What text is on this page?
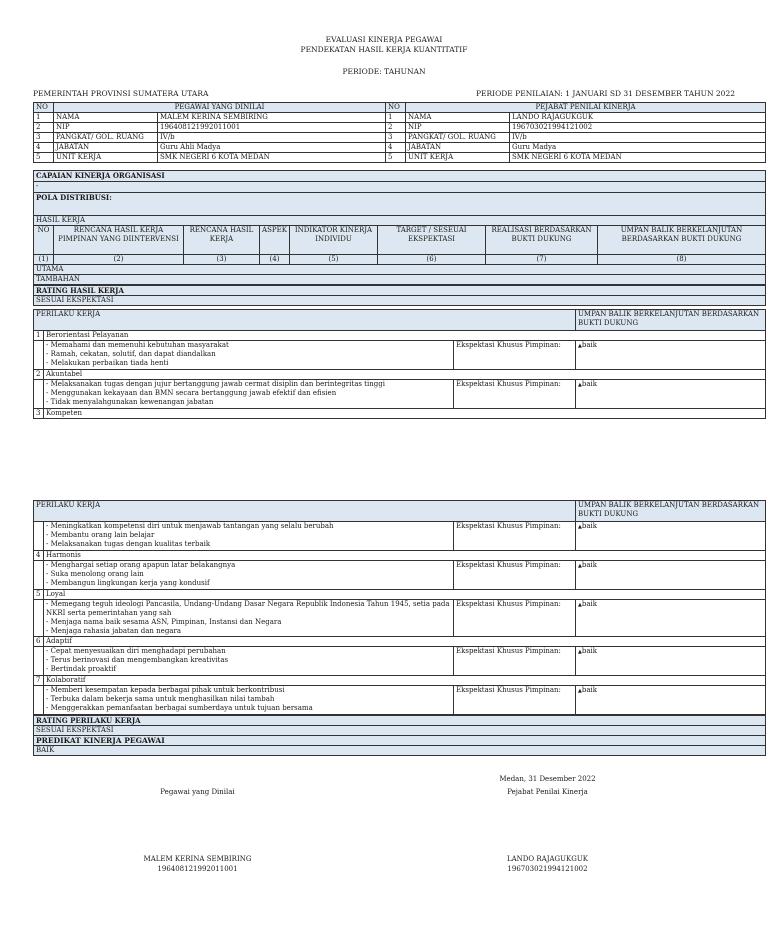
EVALUASI KINERJA PEGAWAI
PENDEKATAN HASIL KERJA KUANTITATIF
PERIODE: TAHUNAN
PEMERINTAH PROVINSI SUMATERA UTARA	PERIODE PENILAIAN: 1 JANUARI SD 31 DESEMBER TAHUN 2022
NO	PEGAWAI YANG DINILAI		NO	PEJABAT PENILAI KINERJA	
1	NAMA	MALEM KERINA SEMBIRING	1	NAMA	LANDO RAJAGUKGUK
2	NIP	196408121992011001	2	NIP	196703021994121002
3	PANGKAT/ GOL. RUANG	IV/b	3	PANGKAT/ GOL. RUANG	IV/b
4	JABATAN	Guru Ahli Madya	4	JABATAN	Guru Madya
5	UNIT KERJA	SMK NEGERI 6 KOTA MEDAN	5	UNIT KERJA	SMK NEGERI 6 KOTA MEDAN
CAPAIAN KINERJA ORGANISASI							
-							
POLA DISTRIBUSI:							
HASIL KERJA							
NO	RENCANA HASIL KERJA PIMPINAN YANG DIINTERVENSI	RENCANA HASIL KERJA	ASPEK	INDIKATOR KINERJA INDIVIDU	TARGET / SESEUAI EKSPEKTASI	REALISASI BERDASARKAN BUKTI DUKUNG	UMPAN BALIK BERKELANJUTAN BERDASARKAN BUKTI DUKUNG
(1)	(2)	(3)	(4)	(5)	(6)	(7)	(8)
UTAMA							
TAMBAHAN							
RATING HASIL KERJA							
SESUAI EKSPEKTASI							
PERILAKU KERJA			UMPAN BALIK BERKELANJUTAN BERDASARKAN BUKTI DUKUNG
1	Berorientasi Pelayanan		

	- Memahami dan memenuhi kebutuhan masyarakat
- Ramah, cekatan, solutif, dan dapat diandalkan
- Melakukan perbaikan tiada henti	Ekspektasi Khusus Pimpinan:	▲baik
2	Akuntabel		

	- Melaksanakan tugas dengan jujur bertanggung jawab cermat disiplin dan berintegritas tinggi
- Menggunakan kekayaan dan BMN secara bertanggung jawab efektif dan efisien
- Tidak menyalahgunakan kewenangan jabatan	Ekspektasi Khusus Pimpinan:	▲baik
3	Kompeten		
PERILAKU KERJA			UMPAN BALIK BERKELANJUTAN BERDASARKAN BUKTI DUKUNG

	- Meningkatkan kompetensi diri untuk menjawab tantangan yang selalu berubah
- Membantu orang lain belajar
- Melaksanakan tugas dengan kualitas terbaik	Ekspektasi Khusus Pimpinan:	▲baik
4	Harmonis		

	- Menghargai setiap orang apapun latar belakangnya
- Suka menolong orang lain
- Membangun lingkungan kerja yang kondusif	Ekspektasi Khusus Pimpinan:	▲baik
5	Loyal		

	- Memegang teguh ideologi Pancasila, Undang-Undang Dasar Negara Republik Indonesia Tahun 1945, setia pada NKRI serta pemerintahan yang sah
- Menjaga nama baik sesama ASN, Pimpinan, Instansi dan Negara
- Menjaga rahasia jabatan dan negara	Ekspektasi Khusus Pimpinan:	▲baik
6	Adaptif		

	- Cepat menyesuaikan diri menghadapi perubahan
- Terus berinovasi dan mengembangkan kreativitas
- Bertindak proaktif	Ekspektasi Khusus Pimpinan:	▲baik
7	Kolaboratif		

	- Memberi kesempatan kepada berbagai pihak untuk berkontribusi
- Terbuka dalam bekerja sama untuk menghasilkan nilai tambah
- Menggerakkan pemanfaatan berbagai sumberdaya untuk tujuan bersama	Ekspektasi Khusus Pimpinan:	▲baik
RATING PERILAKU KERJA			
SESUAI EKSPEKTASI			
PREDIKAT KINERJA PEGAWAI			
BAIK			
Medan, 31 Desember 2022
Pegawai yang Dinilai	Pejabat Penilai Kinerja
MALEM KERINA SEMBIRING
196408121992011001
LANDO RAJAGUKGUK
196703021994121002
